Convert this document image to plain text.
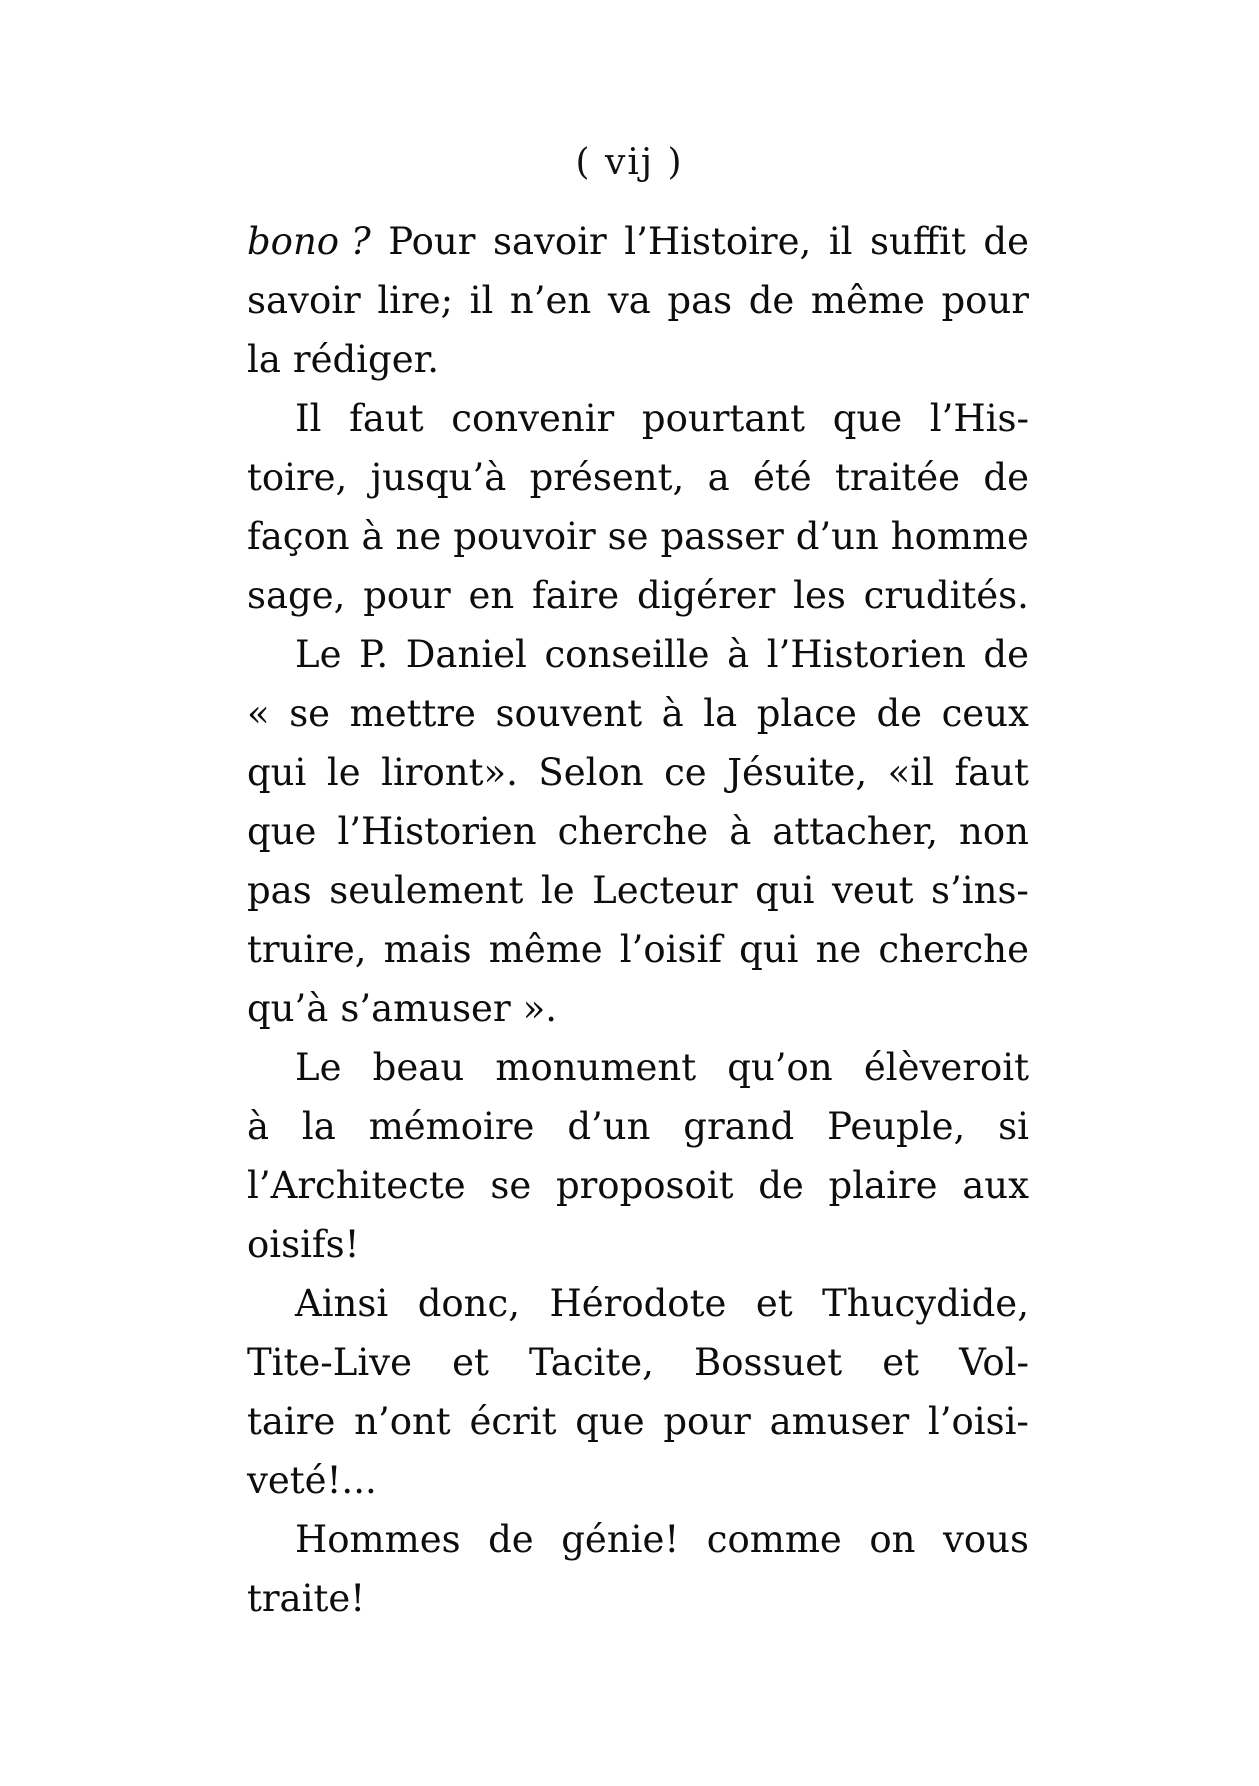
( vij )
bono ? Pour savoir l’Histoire, il suffit de
savoir lire; il n’en va pas de même pour
la rédiger.
Il faut convenir pourtant que l’His-
toire, jusqu’à présent, a été traitée de
façon à ne pouvoir se passer d’un homme
sage, pour en faire digérer les crudités.
Le P. Daniel conseille à l’Historien de
« se mettre souvent à la place de ceux
qui le liront». Selon ce Jésuite, «il faut
que l’Historien cherche à attacher, non
pas seulement le Lecteur qui veut s’ins-
truire, mais même l’oisif qui ne cherche
qu’à s’amuser ».
Le beau monument qu’on élèveroit
à la mémoire d’un grand Peuple, si
l’Architecte se proposoit de plaire aux
oisifs!
Ainsi donc, Hérodote et Thucydide,
Tite-Live et Tacite, Bossuet et Vol-
taire n’ont écrit que pour amuser l’oisi-
veté!...
Hommes de génie! comme on vous
traite!
